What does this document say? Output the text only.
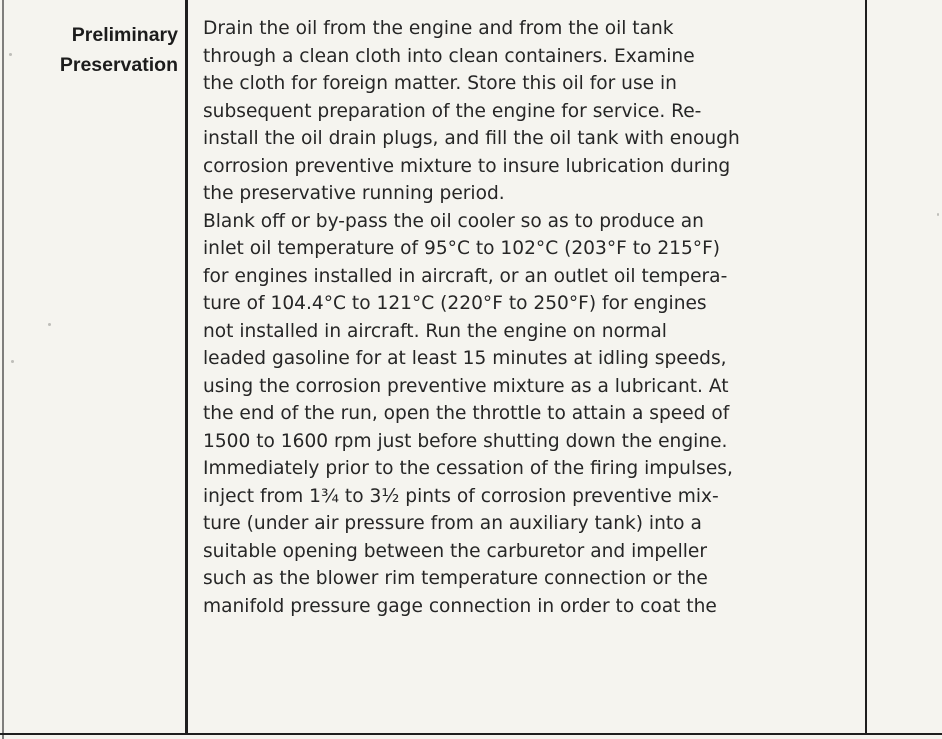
Preliminary
Preservation
Drain the oil from the engine and from the oil tank
through a clean cloth into clean containers. Examine
the cloth for foreign matter. Store this oil for use in
subsequent preparation of the engine for service. Re-
install the oil drain plugs, and fill the oil tank with enough
corrosion preventive mixture to insure lubrication during
the preservative running period.
Blank off or by-pass the oil cooler so as to produce an
inlet oil temperature of 95°C to 102°C (203°F to 215°F)
for engines installed in aircraft, or an outlet oil tempera-
ture of 104.4°C to 121°C (220°F to 250°F) for engines
not installed in aircraft. Run the engine on normal
leaded gasoline for at least 15 minutes at idling speeds,
using the corrosion preventive mixture as a lubricant. At
the end of the run, open the throttle to attain a speed of
1500 to 1600 rpm just before shutting down the engine.
Immediately prior to the cessation of the firing impulses,
inject from 1¾ to 3½ pints of corrosion preventive mix-
ture (under air pressure from an auxiliary tank) into a
suitable opening between the carburetor and impeller
such as the blower rim temperature connection or the
manifold pressure gage connection in order to coat the
